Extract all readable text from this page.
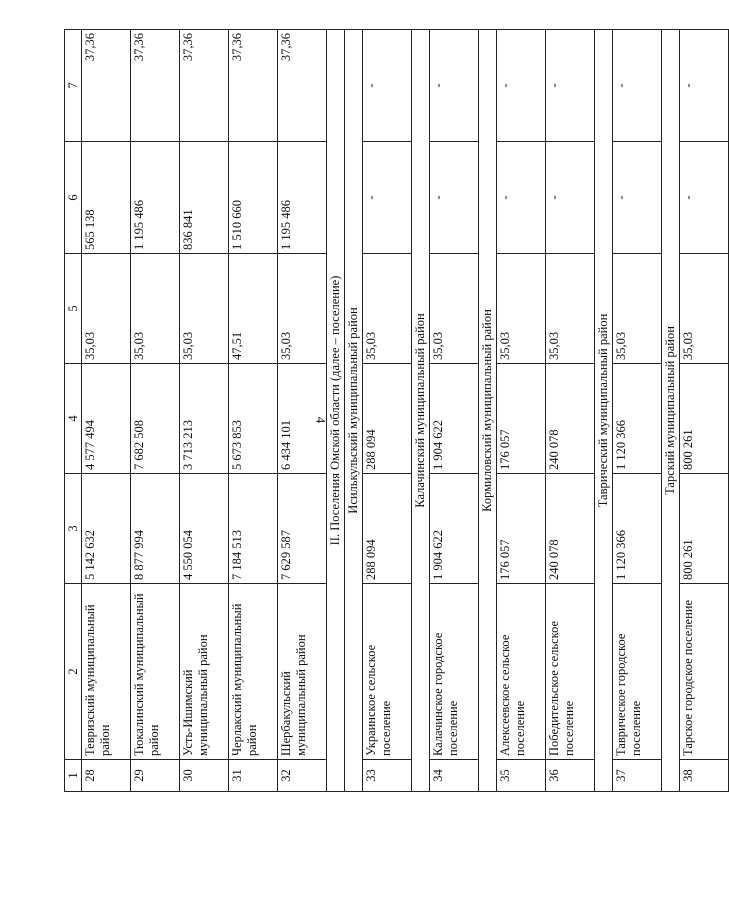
4
1	2	3	4	5	6	7
28	Тевризский муниципальный район	5 142 632	4 577 494	35,03	565 138	37,36
29	Тюкалинский муниципальный район	8 877 994	7 682 508	35,03	1 195 486	37,36
30	Усть-Ишимский муниципальный район	4 550 054	3 713 213	35,03	836 841	37,36
31	Черлакский муниципальный район	7 184 513	5 673 853	47,51	1 510 660	37,36
32	Шербакульский муниципальный район	7 629 587	6 434 101	35,03	1 195 486	37,36
II. Поселения Омской области (далее – поселение)						
Исилькульский муниципальный район						
33	Украинское сельское поселение	288 094	288 094	35,03	-	-
Калачинский муниципальный район						
34	Калачинское городское поселение	1 904 622	1 904 622	35,03	-	-
Кормиловский муниципальный район						
35	Алексеевское сельское поселение	176 057	176 057	35,03	-	-
36	Победительское сельское поселение	240 078	240 078	35,03	-	-
Таврический муниципальный район						
37	Таврическое городское поселение	1 120 366	1 120 366	35,03	-	-
Тарский муниципальный район						
38	Тарское городское поселение	800 261	800 261	35,03	-	-
